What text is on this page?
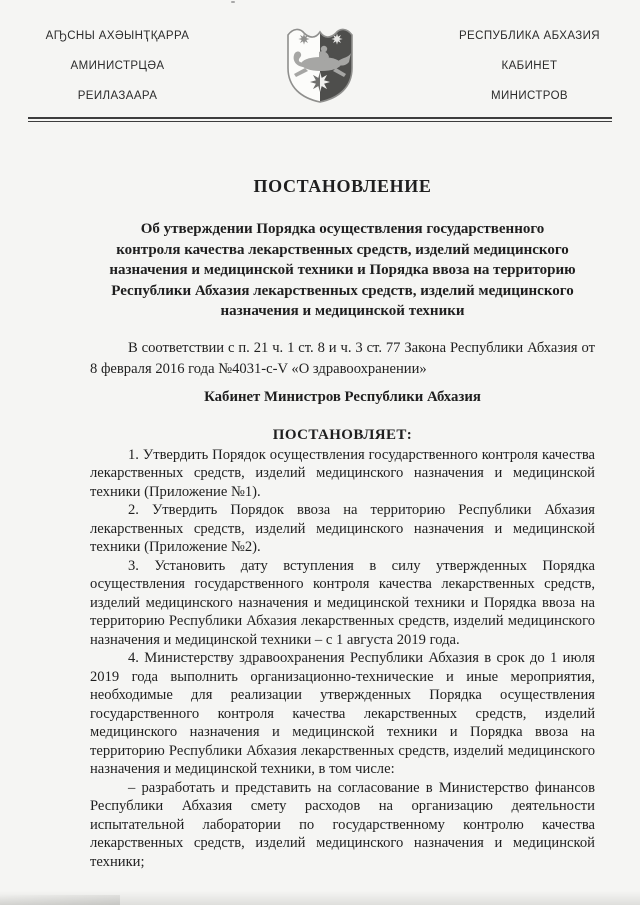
АҦСНЫ АХӘЫНҬҚАРРА
АМИНИСТРЦӘА
РЕИЛАЗААРА
РЕСПУБЛИКА АБХАЗИЯ
КАБИНЕТ
МИНИСТРОВ
ПОСТАНОВЛЕНИЕ
Об утверждении Порядка осуществления государственного контроля качества лекарственных средств, изделий медицинского назначения и медицинской техники и Порядка ввоза на территорию Республики Абхазия лекарственных средств, изделий медицинского назначения и медицинской техники

В соответствии с п. 21 ч. 1 ст. 8 и ч. 3 ст. 77 Закона Республики Абхазия от 8 февраля 2016 года №4031-с-V «О здравоохранении»

Кабинет Министров Республики Абхазия
ПОСТАНОВЛЯЕТ:

1. Утвердить Порядок осуществления государственного контроля качества лекарственных средств, изделий медицинского назначения и медицинской техники (Приложение №1).

2. Утвердить Порядок ввоза на территорию Республики Абхазия лекарственных средств, изделий медицинского назначения и медицинской техники (Приложение №2).

3. Установить дату вступления в силу утвержденных Порядка осуществления государственного контроля качества лекарственных средств, изделий медицинского назначения и медицинской техники и Порядка ввоза на территорию Республики Абхазия лекарственных средств, изделий медицинского назначения и медицинской техники – с 1 августа 2019 года.

4. Министерству здравоохранения Республики Абхазия в срок до 1 июля 2019 года выполнить организационно-технические и иные мероприятия, необходимые для реализации утвержденных Порядка осуществления государственного контроля качества лекарственных средств, изделий медицинского назначения и медицинской техники и Порядка ввоза на территорию Республики Абхазия лекарственных средств, изделий медицинского назначения и медицинской техники, в том числе:

– разработать и представить на согласование в Министерство финансов Республики Абхазия смету расходов на организацию деятельности испытательной лаборатории по государственному контролю качества лекарственных средств, изделий медицинского назначения и медицинской техники;
